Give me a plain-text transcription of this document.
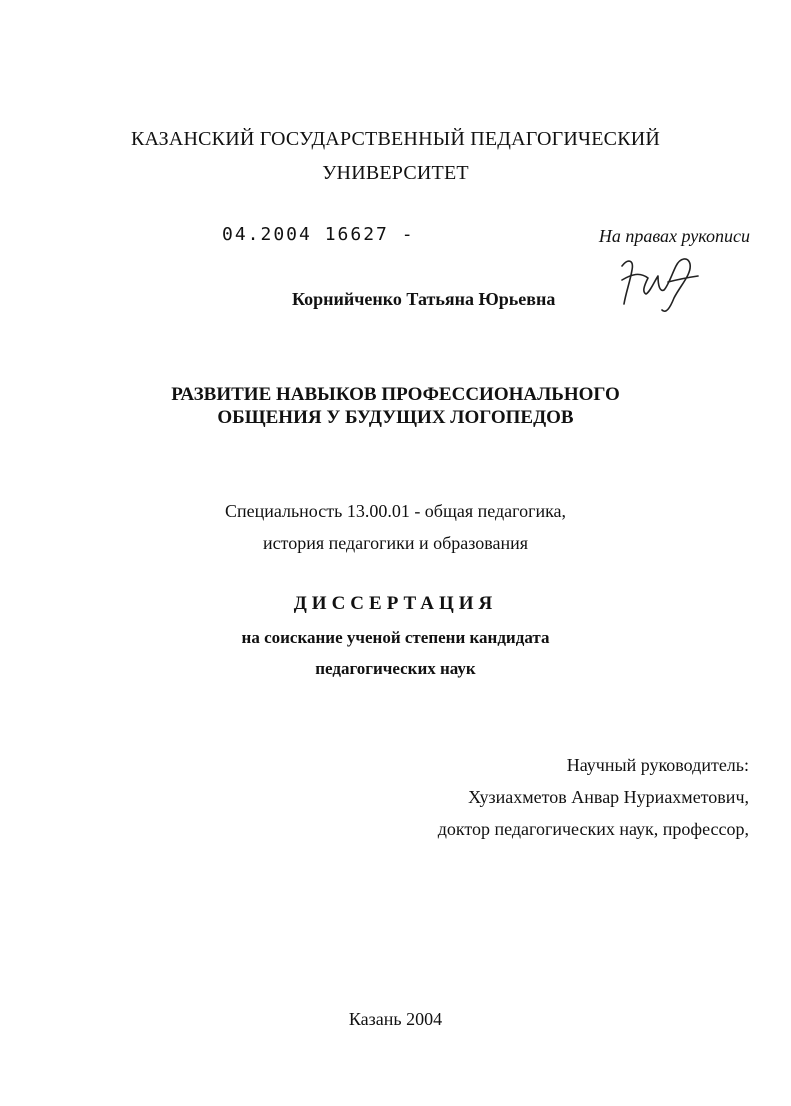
КАЗАНСКИЙ ГОСУДАРСТВЕННЫЙ ПЕДАГОГИЧЕСКИЙ
УНИВЕРСИТЕТ
04.2004 16627 -	На правах рукописи
Корнийченко Татьяна Юрьевна
РАЗВИТИЕ НАВЫКОВ ПРОФЕССИОНАЛЬНОГО
ОБЩЕНИЯ У БУДУЩИХ ЛОГОПЕДОВ
Специальность 13.00.01 - общая педагогика,
история педагогики и образования
ДИССЕРТАЦИЯ
на соискание ученой степени кандидата
педагогических наук
Научный руководитель:
Хузиахметов Анвар Нуриахметович,
доктор педагогических наук, профессор,
Казань 2004
